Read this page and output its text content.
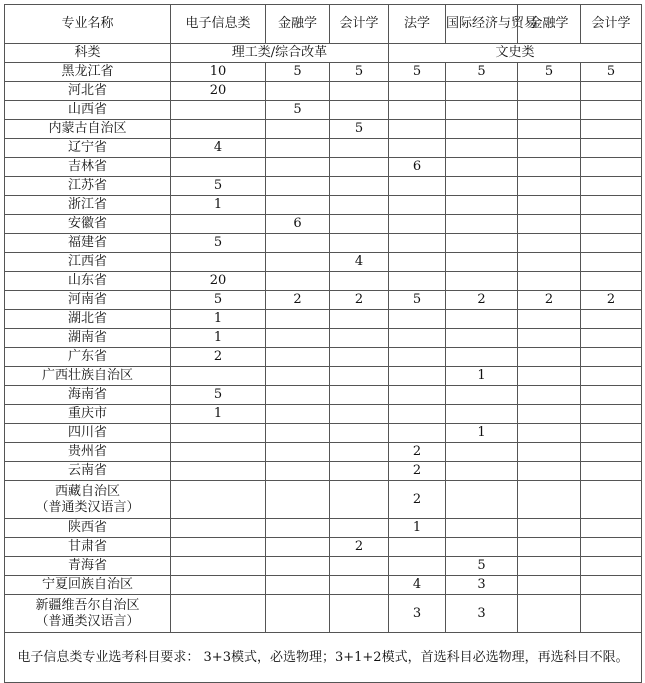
专业名称	电子信息类	金融学	会计学	法学	国际经济与贸易	金融学	会计学
科类	理工类/综合改革			文史类			
黑龙江省	10	5	5	5	5	5	5
河北省	20						
山西省		5					
内蒙古自治区			5				
辽宁省	4						
吉林省				6			
江苏省	5						
浙江省	1						
安徽省		6					
福建省	5						
江西省			4				
山东省	20						
河南省	5	2	2	5	2	2	2
湖北省	1						
湖南省	1						
广东省	2						
广西壮族自治区					1		
海南省	5						
重庆市	1						
四川省					1		
贵州省				2			
云南省				2			

西藏自治区
（普通类汉语言）				2			
陕西省				1			
甘肃省			2				
青海省					5		
宁夏回族自治区				4	3		

新疆维吾尔自治区
（普通类汉语言）				3	3		
电子信息类专业选考科目要求： 3+3模式，必选物理；3+1+2模式，首选科目必选物理，再选科目不限。							
